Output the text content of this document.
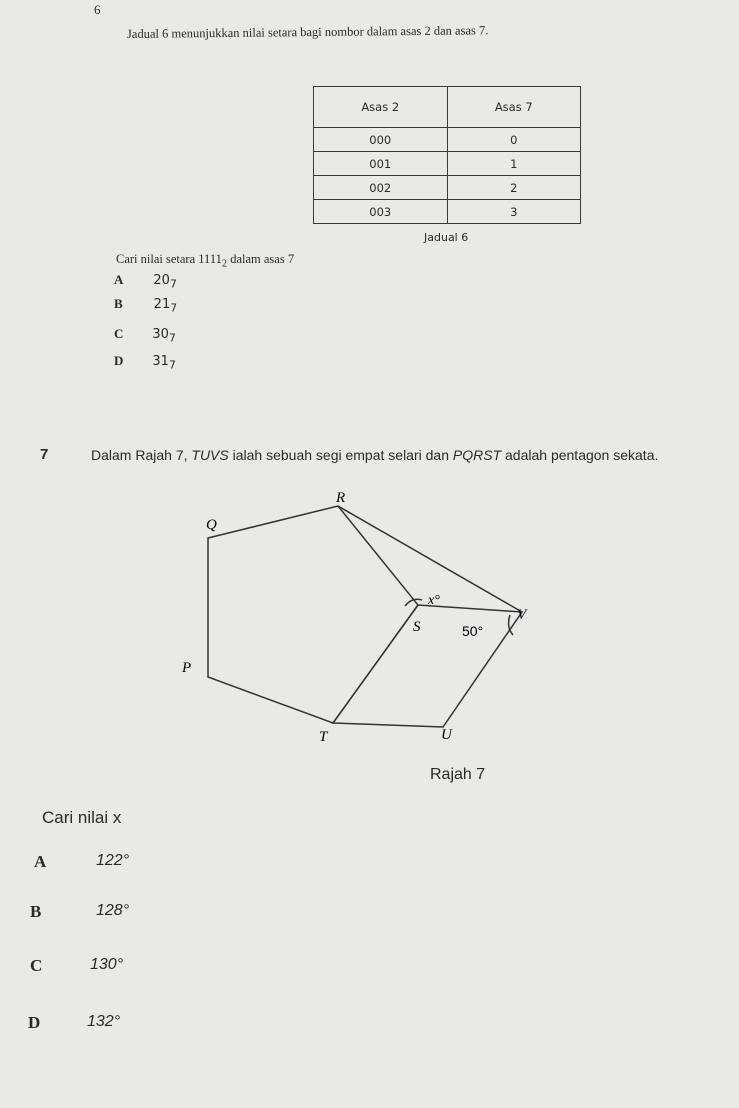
6
Jadual 6 menunjukkan nilai setara bagi nombor dalam asas 2 dan asas 7.
Asas 2	Asas 7
000	0
001	1
002	2
003	3
Jadual 6
Cari nilai setara $1111_2$ dalam asas 7
A $20_7$
B $21_7$
C $30_7$
D $31_7$
7	Dalam Rajah 7, TUVS ialah sebuah segi empat selari dan PQRST adalah pentagon sekata.
R
Q
P
T	U
V
S
x°
50°
Rajah 7
Cari nilai x
A	122°
B	128°
C	130°
D	132°
